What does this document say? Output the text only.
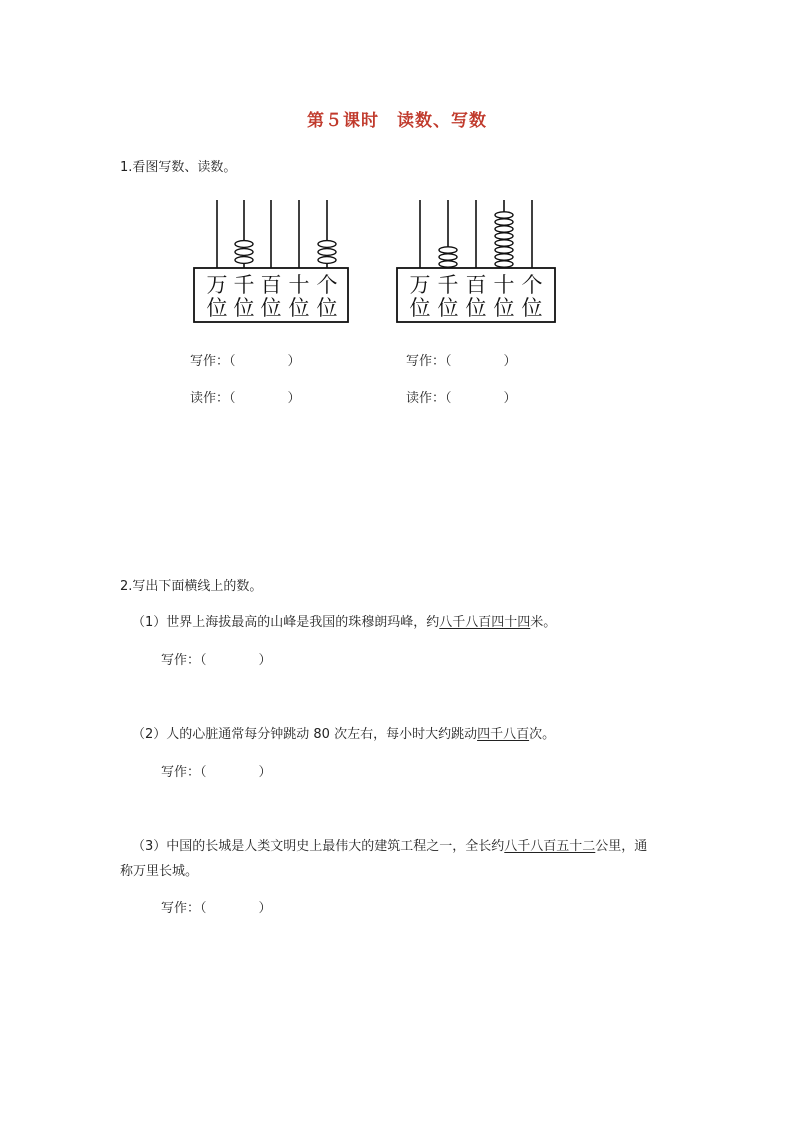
第５课时　读数、写数
1.看图写数、读数。
万 千 百 十 个
位 位 位 位 位
万 千 百 十 个
位 位 位 位 位
写作：（	）
读作：（	）
写作：（	）
读作：（	）
2.写出下面横线上的数。
（1）世界上海拔最高的山峰是我国的珠穆朗玛峰，约八千八百四十四米。
写作：（	）
（2）人的心脏通常每分钟跳动 80 次左右，每小时大约跳动四千八百次。
写作：（	）
（3）中国的长城是人类文明史上最伟大的建筑工程之一，全长约八千八百五十二公里，通
称万里长城。
写作：（	）
